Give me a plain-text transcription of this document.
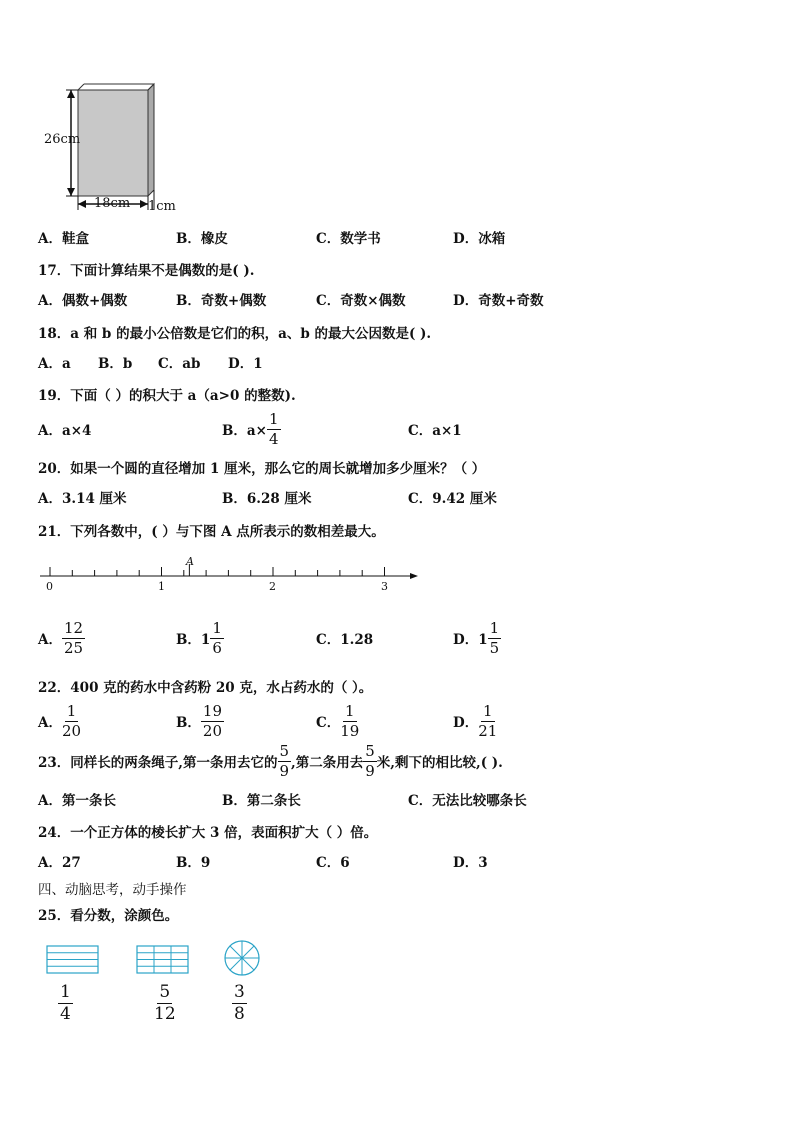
26cm
18cm 1cm
A．鞋盒	B．橡皮	C．数学书	D．冰箱
17．下面计算结果不是偶数的是( ).
A．偶数+偶数	B．奇数+偶数	C．奇数×偶数	D．奇数+奇数
18．a 和 b 的最小公倍数是它们的积，a、b 的最大公因数是( ).
A．a B．b C．ab D．1
19．下面（ ）的积大于 a（a>0 的整数).
A．a×4	B．$a\times \frac{1}{4}$	C．a×1
20．如果一个圆的直径增加 1 厘米，那么它的周长就增加多少厘米？（ ）
A．3.14 厘米	B．6.28 厘米	C．9.42 厘米
21．下列各数中，( ）与下图 A 点所表示的数相差最大。
0	1	2	3
A
A． $\frac{12}{25}$	B．$1 \frac{1}{6}$	C．1.28	D．$1 \frac{1}{5}$
22．400 克的药水中含药粉 20 克，水占药水的（ ）。
A． $\frac{1}{20}$	B． $\frac{19}{20}$	C． $\frac{1}{19}$	D． $\frac{1}{21}$
23．同样长的两条绳子,第一条用去它的 $\frac{5}{9}$ ,第二条用去 $\frac{5}{9}$ 米,剩下的相比较,( ).
A．第一条长	B．第二条长	C．无法比较哪条长
24．一个正方体的棱长扩大 3 倍，表面积扩大（ ）倍。
A．27	B．9	C．6	D．3
四、动脑思考，动手操作
25．看分数，涂颜色。
$\frac{1}{4}$	$\frac{5}{12}$	$\frac{3}{8}$
